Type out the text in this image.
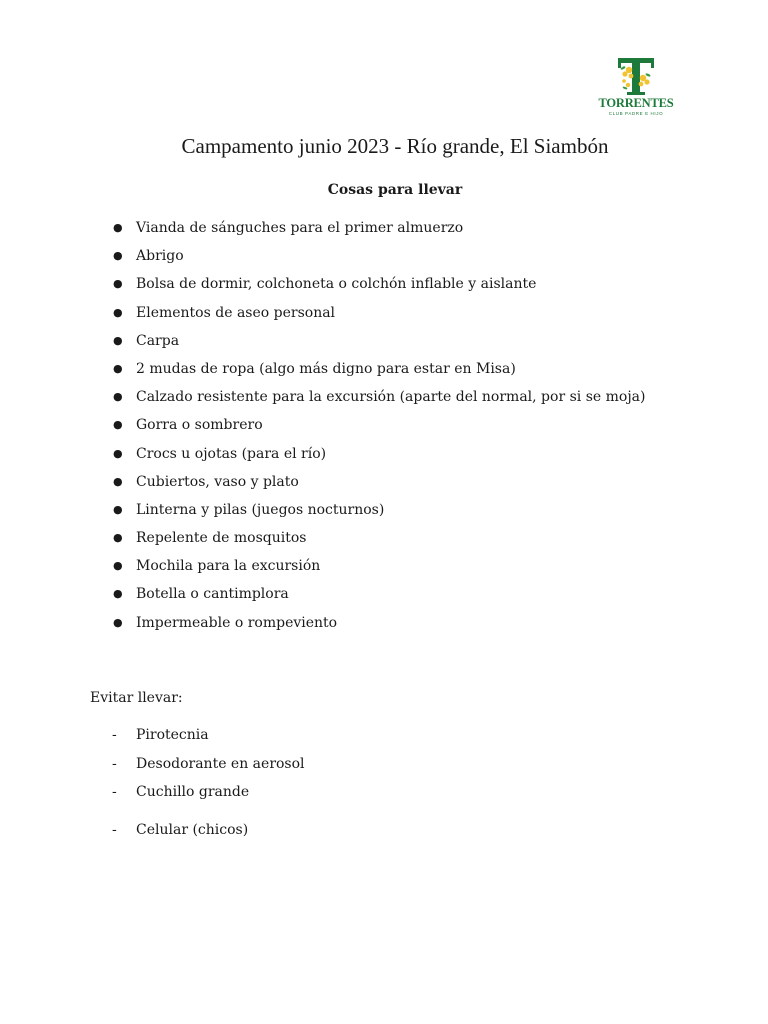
TORRENTES
CLUB PADRE E HIJO
Campamento junio 2023 - Río grande, El Siambón
Cosas para llevar
● Vianda de sánguches para el primer almuerzo
● Abrigo
● Bolsa de dormir, colchoneta o colchón inflable y aislante
● Elementos de aseo personal
● Carpa
● 2 mudas de ropa (algo más digno para estar en Misa)
● Calzado resistente para la excursión (aparte del normal, por si se moja)
● Gorra o sombrero
● Crocs u ojotas (para el río)
● Cubiertos, vaso y plato
● Linterna y pilas (juegos nocturnos)
● Repelente de mosquitos
● Mochila para la excursión
● Botella o cantimplora
● Impermeable o rompeviento

Evitar llevar:

- Pirotecnia
- Desodorante en aerosol
- Cuchillo grande
- Celular (chicos)
